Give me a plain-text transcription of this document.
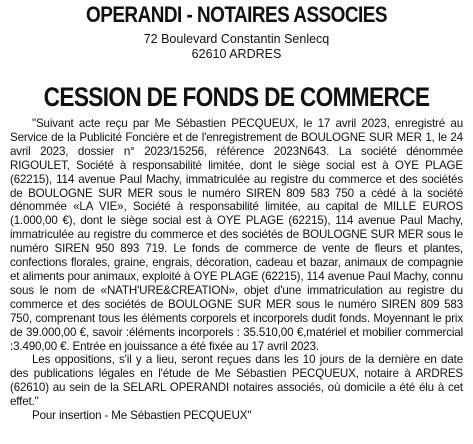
OPERANDI - NOTAIRES ASSOCIES
72 Boulevard Constantin Senlecq
62610 ARDRES
CESSION DE FONDS DE COMMERCE

"Suivant acte reçu par Me Sébastien PECQUEUX, le 17 avril 2023, enregistré au Service de la Publicité Foncière et de l'enregistrement de BOULOGNE SUR MER 1, le 24 avril 2023, dossier n° 2023/15256, référence 2023N643. La société dénommée RIGOULET, Société à responsabilité limitée, dont le siège social est à OYE PLAGE (62215), 114 avenue Paul Machy, immatriculée au registre du commerce et des sociétés de BOULOGNE SUR MER sous le numéro SIREN 809 583 750 a cédé à la société dénommée «LA VIE», Société à responsabilité limitée, au capital de MILLE EUROS (1.000,00 €), dont le siège social est à OYE PLAGE (62215), 114 avenue Paul Machy, immatriculée au registre du commerce et des sociétés de BOULOGNE SUR MER sous le numéro SIREN 950 893 719. Le fonds de commerce de vente de fleurs et plantes, confections florales, graine, engrais, décoration, cadeau et bazar, animaux de compagnie et aliments pour animaux, exploité à OYE PLAGE (62215), 114 avenue Paul Machy, connu sous le nom de «NATH'URE&CREATION», objet d'une immatriculation au registre du commerce et des sociétés de BOULOGNE SUR MER sous le numéro SIREN 809 583 750, comprenant tous les éléments corporels et incorporels dudit fonds. Moyennant le prix de 39.000,00 €, savoir :éléments incorporels : 35.510,00 €,matériel et mobilier commercial :3.490,00 €. Entrée en jouissance a été fixée au 17 avril 2023.

Les oppositions, s'il y a lieu, seront reçues dans les 10 jours de la dernière en date des publications légales en l'étude de Me Sébastien PECQUEUX, notaire à ARDRES (62610) au sein de la SELARL OPERANDI notaires associés, où domicile a été élu à cet effet."

Pour insertion - Me Sébastien PECQUEUX"
